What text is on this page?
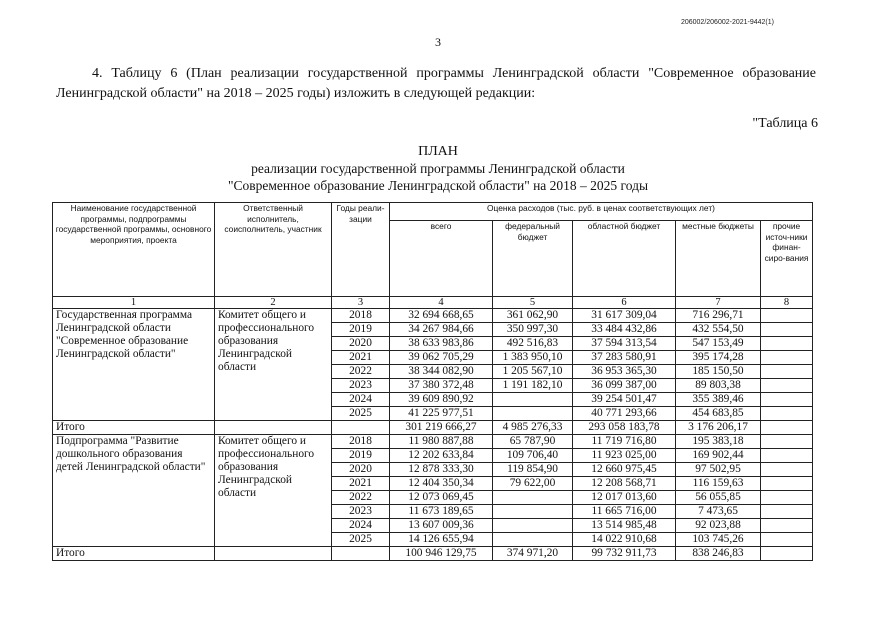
206002/206002-2021-9442(1)
3
4. Таблицу 6 (План реализации государственной программы Ленинградской области "Современное образование Ленинградской области" на 2018 – 2025 годы) изложить в следующей редакции:
"Таблица 6
ПЛАН
реализации государственной программы Ленинградской области
"Современное образование Ленинградской области" на 2018 – 2025 годы
Наименование государственной программы, подпрограммы государственной программы, основного мероприятия, проекта	Ответственный исполнитель, соисполнитель, участник	Годы реали-зации	Оценка расходов (тыс. руб. в ценах соответствующих лет)				
			всего	федеральный бюджет	областной бюджет	местные бюджеты	прочие источ-ники финан-сиро-вания
1	2	3	4	5	6	7	8
Государственная программа Ленинградской области "Современное образование Ленинградской области"	Комитет общего и профессионального образования Ленинградской области	2018	32 694 668,65	361 062,90	31 617 309,04	716 296,71	
		2019	34 267 984,66	350 997,30	33 484 432,86	432 554,50	
		2020	38 633 983,86	492 516,83	37 594 313,54	547 153,49	
		2021	39 062 705,29	1 383 950,10	37 283 580,91	395 174,28	
		2022	38 344 082,90	1 205 567,10	36 953 365,30	185 150,50	
		2023	37 380 372,48	1 191 182,10	36 099 387,00	89 803,38	
		2024	39 609 890,92		39 254 501,47	355 389,46	
		2025	41 225 977,51		40 771 293,66	454 683,85	
Итого			301 219 666,27	4 985 276,33	293 058 183,78	3 176 206,17	
Подпрограмма "Развитие дошкольного образования детей Ленинградской области"	Комитет общего и профессионального образования Ленинградской области	2018	11 980 887,88	65 787,90	11 719 716,80	195 383,18	
		2019	12 202 633,84	109 706,40	11 923 025,00	169 902,44	
		2020	12 878 333,30	119 854,90	12 660 975,45	97 502,95	
		2021	12 404 350,34	79 622,00	12 208 568,71	116 159,63	
		2022	12 073 069,45		12 017 013,60	56 055,85	
		2023	11 673 189,65		11 665 716,00	7 473,65	
		2024	13 607 009,36		13 514 985,48	92 023,88	
		2025	14 126 655,94		14 022 910,68	103 745,26	
Итого			100 946 129,75	374 971,20	99 732 911,73	838 246,83	
